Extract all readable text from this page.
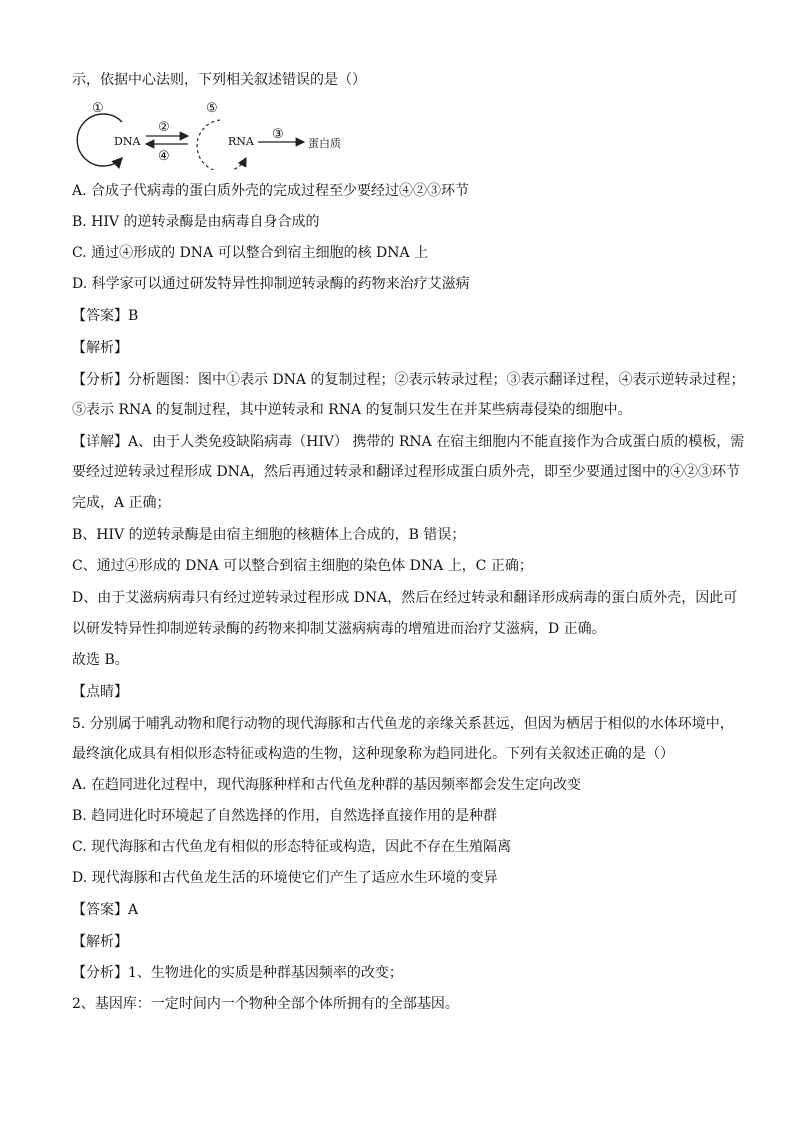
示，依据中心法则，下列相关叙述错误的是（）
①
DNA
②
④
⑤
RNA ③
蛋白质
A. 合成子代病毒的蛋白质外壳的完成过程至少要经过④②③环节
B. HIV 的逆转录酶是由病毒自身合成的
C. 通过④形成的 DNA 可以整合到宿主细胞的核 DNA 上
D. 科学家可以通过研发特异性抑制逆转录酶的药物来治疗艾滋病
【答案】B
【解析】
【分析】分析题图：图中①表示 DNA 的复制过程；②表示转录过程；③表示翻译过程，④表示逆转录过程；
⑤表示 RNA 的复制过程，其中逆转录和 RNA 的复制只发生在并某些病毒侵染的细胞中。
【详解】A、由于人类免疫缺陷病毒（HIV） 携带的 RNA 在宿主细胞内不能直接作为合成蛋白质的模板，需
要经过逆转录过程形成 DNA，然后再通过转录和翻译过程形成蛋白质外壳，即至少要通过图中的④②③环节
完成，A 正确；
B、HIV 的逆转录酶是由宿主细胞的核糖体上合成的，B 错误；
C、通过④形成的 DNA 可以整合到宿主细胞的染色体 DNA 上，C 正确；
D、由于艾滋病病毒只有经过逆转录过程形成 DNA，然后在经过转录和翻译形成病毒的蛋白质外壳，因此可
以研发特异性抑制逆转录酶的药物来抑制艾滋病病毒的增殖进而治疗艾滋病，D 正确。
故选 B。
【点睛】
5. 分别属于哺乳动物和爬行动物的现代海豚和古代鱼龙的亲缘关系甚远，但因为栖居于相似的水体环境中，
最终演化成具有相似形态特征或构造的生物，这种现象称为趋同进化。下列有关叙述正确的是（）
A. 在趋同进化过程中，现代海豚种样和古代鱼龙种群的基因频率都会发生定向改变
B. 趋同进化时环境起了自然选择的作用，自然选择直接作用的是种群
C. 现代海豚和古代鱼龙有相似的形态特征或构造，因此不存在生殖隔离
D. 现代海豚和古代鱼龙生活的环境使它们产生了适应水生环境的变异
【答案】A
【解析】
【分析】1、生物进化的实质是种群基因频率的改变；
2、基因库：一定时间内一个物种全部个体所拥有的全部基因。
